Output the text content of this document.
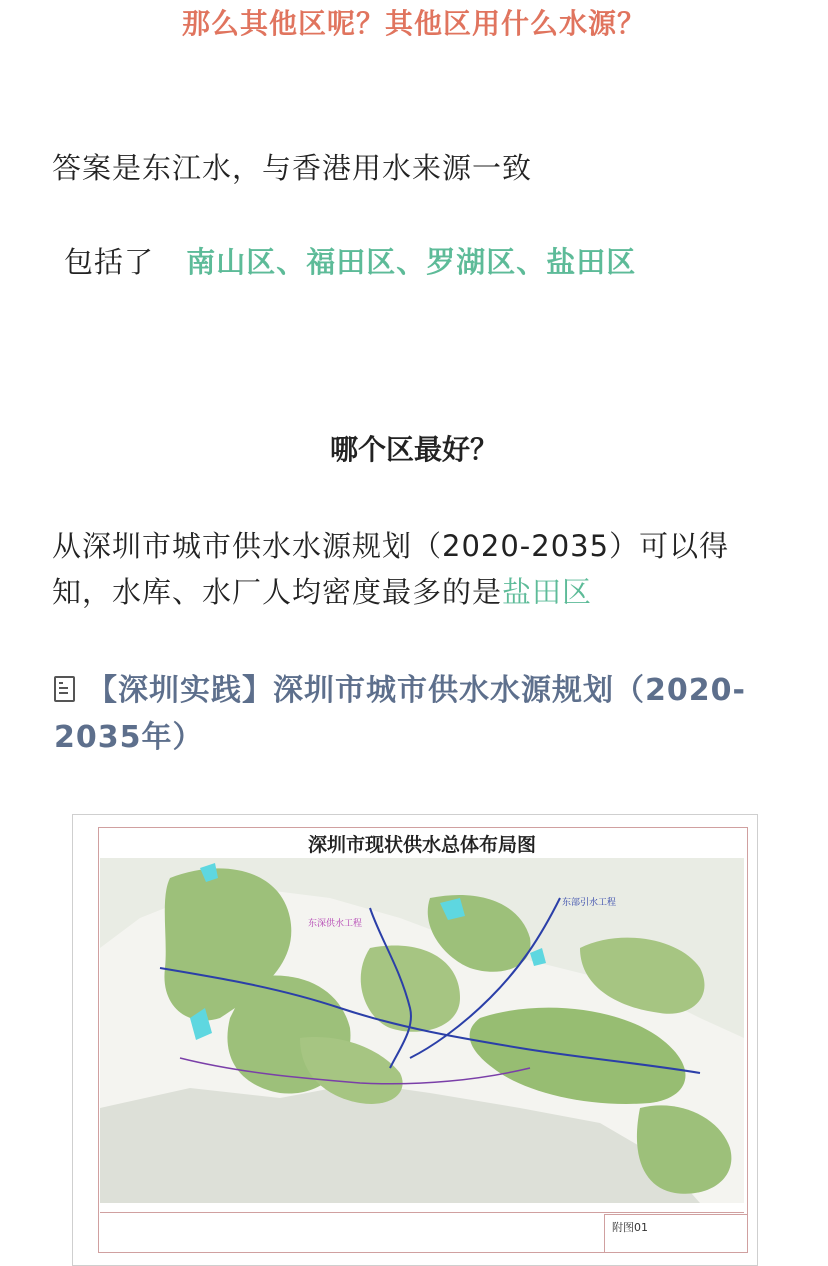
那么其他区呢？其他区用什么水源？
答案是东江水，与香港用水来源一致
包括了 南山区、福田区、罗湖区、盐田区
哪个区最好？
从深圳市城市供水水源规划（2020-2035）可以得
知，水库、水厂人均密度最多的是盐田区
【深圳实践】深圳市城市供水水源规划（2020-
2035年）
深圳市现状供水总体布局图
东深供水工程
东部引水工程
附图01
